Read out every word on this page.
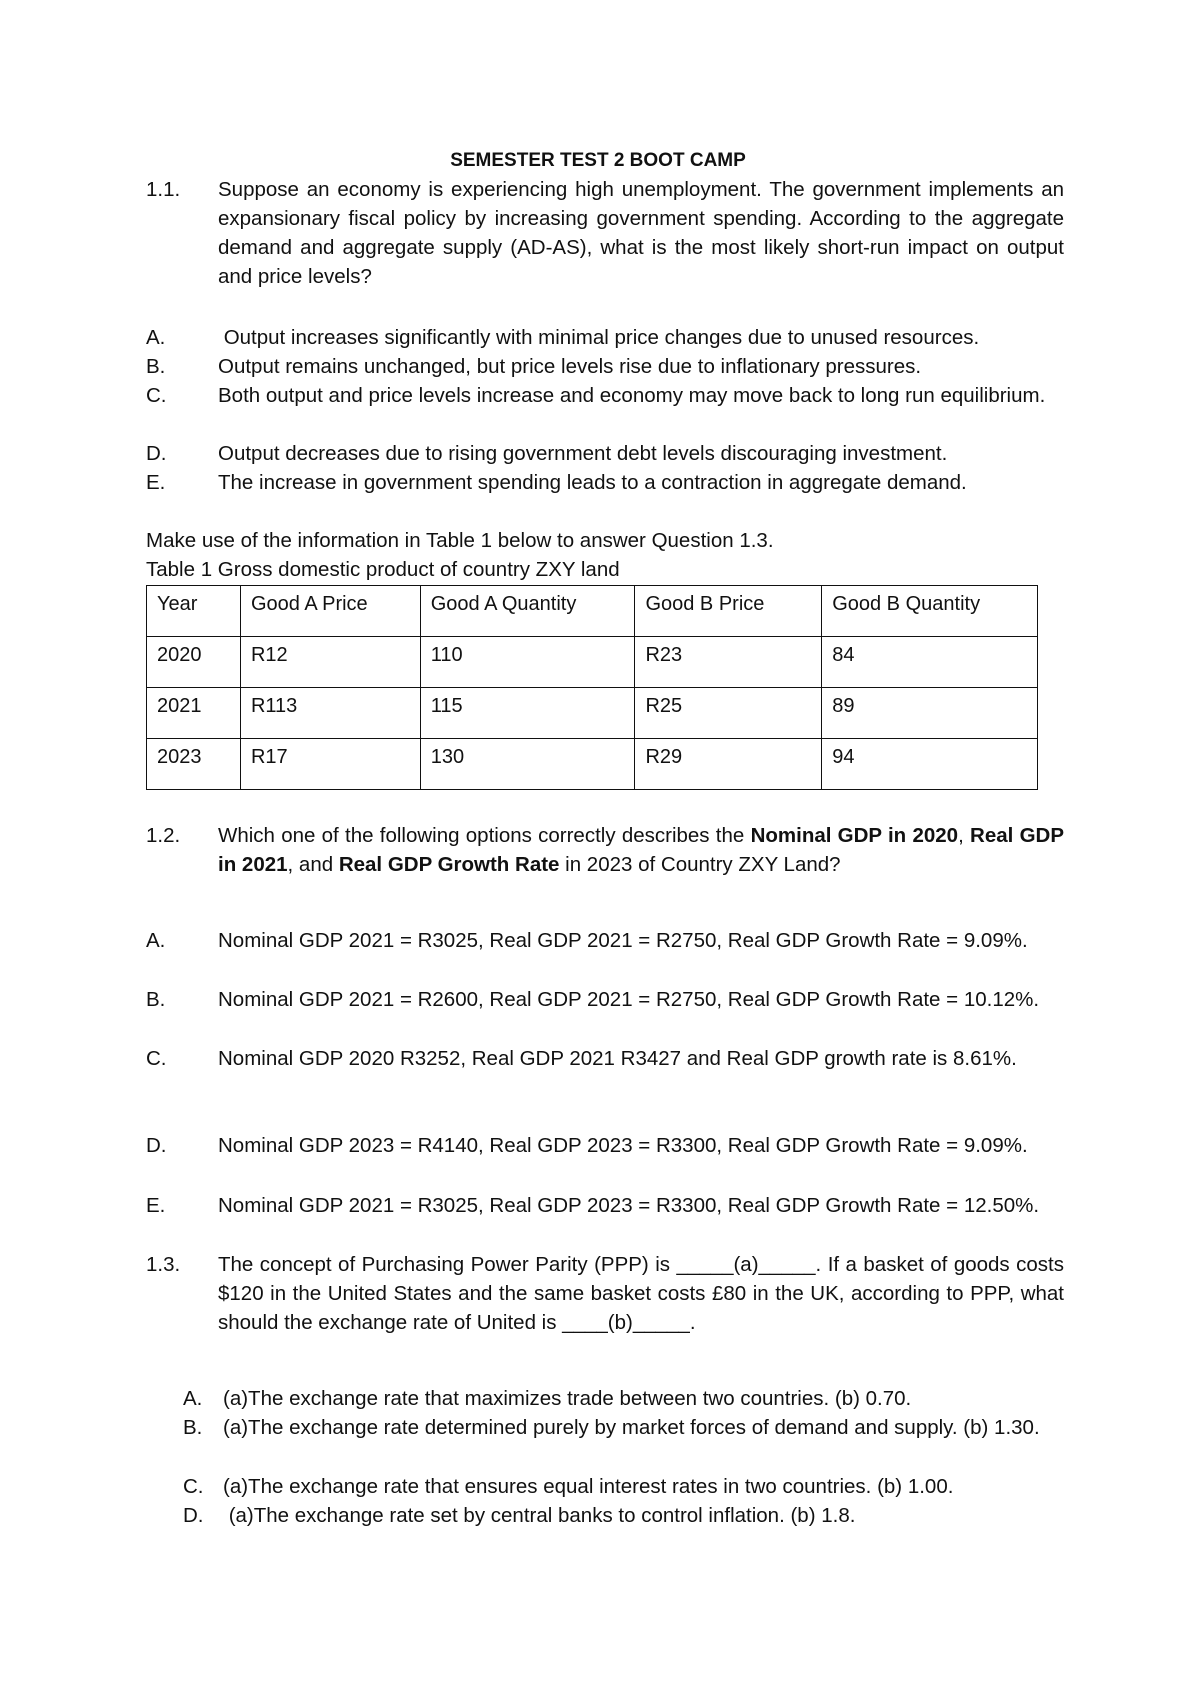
SEMESTER TEST 2 BOOT CAMP
1.1.	Suppose an economy is experiencing high unemployment. The government implements an expansionary fiscal policy by increasing government spending. According to the aggregate demand and aggregate supply (AD-AS), what is the most likely short-run impact on output and price levels?
A.	Output increases significantly with minimal price changes due to unused resources.
B.	Output remains unchanged, but price levels rise due to inflationary pressures.
C.	Both output and price levels increase and economy may move back to long run equilibrium.
D.	Output decreases due to rising government debt levels discouraging investment.
E.	The increase in government spending leads to a contraction in aggregate demand.
Make use of the information in Table 1 below to answer Question 1.3.
Table 1 Gross domestic product of country ZXY land
Year	Good A Price	Good A Quantity	Good B Price	Good B Quantity
2020	R12	110	R23	84
2021	R113	115	R25	89
2023	R17	130	R29	94
1.2.	Which one of the following options correctly describes the Nominal GDP in 2020, Real GDP in 2021, and Real GDP Growth Rate in 2023 of Country ZXY Land?
A.	Nominal GDP 2021 = R3025, Real GDP 2021 = R2750, Real GDP Growth Rate = 9.09%.
B.	Nominal GDP 2021 = R2600, Real GDP 2021 = R2750, Real GDP Growth Rate = 10.12%.
C.	Nominal GDP 2020 R3252, Real GDP 2021 R3427 and Real GDP growth rate is 8.61%.
D.	Nominal GDP 2023 = R4140, Real GDP 2023 = R3300, Real GDP Growth Rate = 9.09%.
E.	Nominal GDP 2021 = R3025, Real GDP 2023 = R3300, Real GDP Growth Rate = 12.50%.
1.3.	The concept of Purchasing Power Parity (PPP) is _____(a)_____. If a basket of goods costs $120 in the United States and the same basket costs £80 in the UK, according to PPP, what should the exchange rate of United is ____(b)_____.
A.	(a)The exchange rate that maximizes trade between two countries. (b) 0.70.
B.	(a)The exchange rate determined purely by market forces of demand and supply. (b) 1.30.
C. (a)The exchange rate that ensures equal interest rates in two countries. (b) 1.00.
D. (a)The exchange rate set by central banks to control inflation. (b) 1.8.
